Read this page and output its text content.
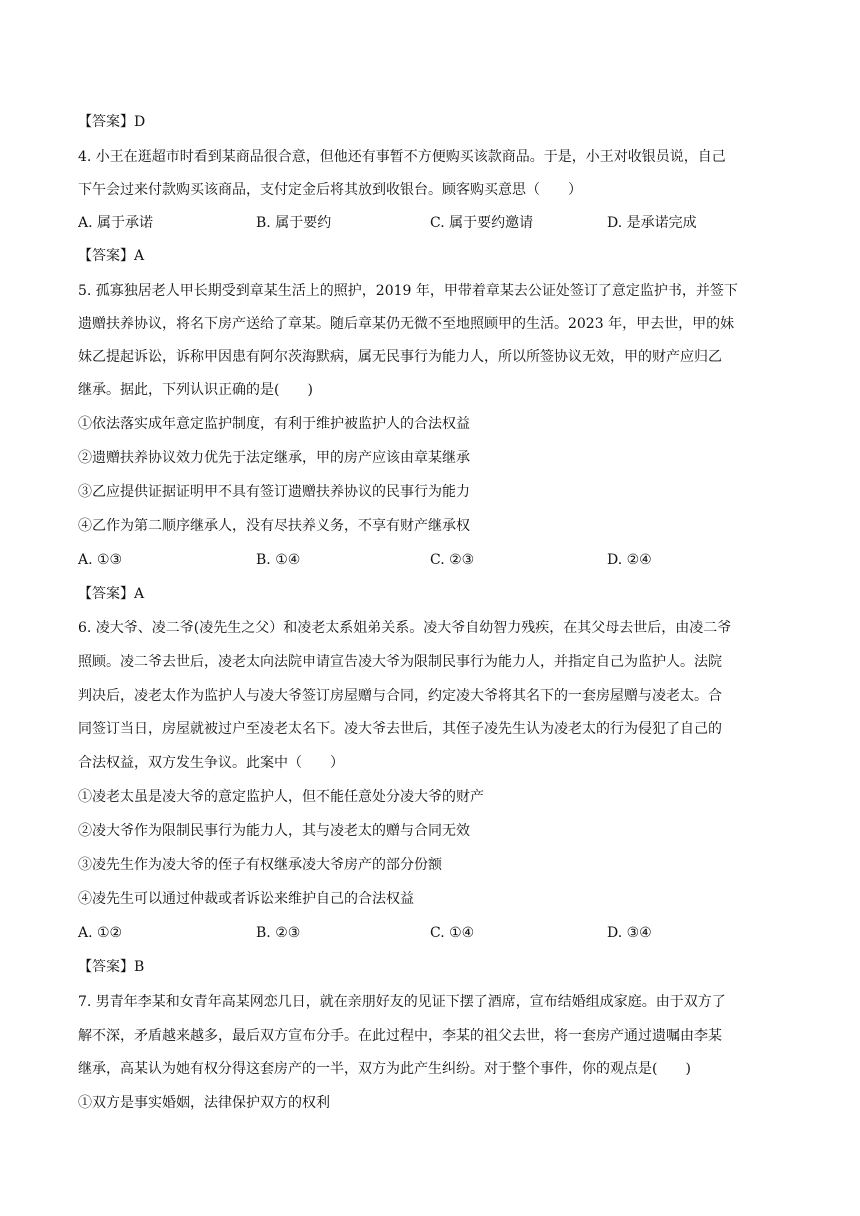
【答案】D
4. 小王在逛超市时看到某商品很合意，但他还有事暂不方便购买该款商品。于是，小王对收银员说，自己
下午会过来付款购买该商品，支付定金后将其放到收银台。顾客购买意思（　　）
A. 属于承诺	B. 属于要约	C. 属于要约邀请	D. 是承诺完成
【答案】A
5. 孤寡独居老人甲长期受到章某生活上的照护，2019 年，甲带着章某去公证处签订了意定监护书，并签下
遗赠扶养协议，将名下房产送给了章某。随后章某仍无微不至地照顾甲的生活。2023 年，甲去世，甲的妹
妹乙提起诉讼，诉称甲因患有阿尔茨海默病，属无民事行为能力人，所以所签协议无效，甲的财产应归乙
继承。据此，下列认识正确的是(　　)
①依法落实成年意定监护制度，有利于维护被监护人的合法权益
②遗赠扶养协议效力优先于法定继承，甲的房产应该由章某继承
③乙应提供证据证明甲不具有签订遗赠扶养协议的民事行为能力
④乙作为第二顺序继承人，没有尽扶养义务，不享有财产继承权
A. ①③	B. ①④	C. ②③	D. ②④
【答案】A
6. 凌大爷、凌二爷(凌先生之父）和凌老太系姐弟关系。凌大爷自幼智力残疾，在其父母去世后，由凌二爷
照顾。凌二爷去世后，凌老太向法院申请宣告凌大爷为限制民事行为能力人，并指定自己为监护人。法院
判决后，凌老太作为监护人与凌大爷签订房屋赠与合同，约定凌大爷将其名下的一套房屋赠与凌老太。合
同签订当日，房屋就被过户至凌老太名下。凌大爷去世后，其侄子凌先生认为凌老太的行为侵犯了自己的
合法权益，双方发生争议。此案中（　　）
①凌老太虽是凌大爷的意定监护人，但不能任意处分凌大爷的财产
②凌大爷作为限制民事行为能力人，其与凌老太的赠与合同无效
③凌先生作为凌大爷的侄子有权继承凌大爷房产的部分份额
④凌先生可以通过仲裁或者诉讼来维护自己的合法权益
A. ①②	B. ②③	C. ①④	D. ③④
【答案】B
7. 男青年李某和女青年高某网恋几日，就在亲朋好友的见证下摆了酒席，宣布结婚组成家庭。由于双方了
解不深，矛盾越来越多，最后双方宣布分手。在此过程中，李某的祖父去世，将一套房产通过遗嘱由李某
继承，高某认为她有权分得这套房产的一半，双方为此产生纠纷。对于整个事件，你的观点是(　　)
①双方是事实婚姻，法律保护双方的权利
